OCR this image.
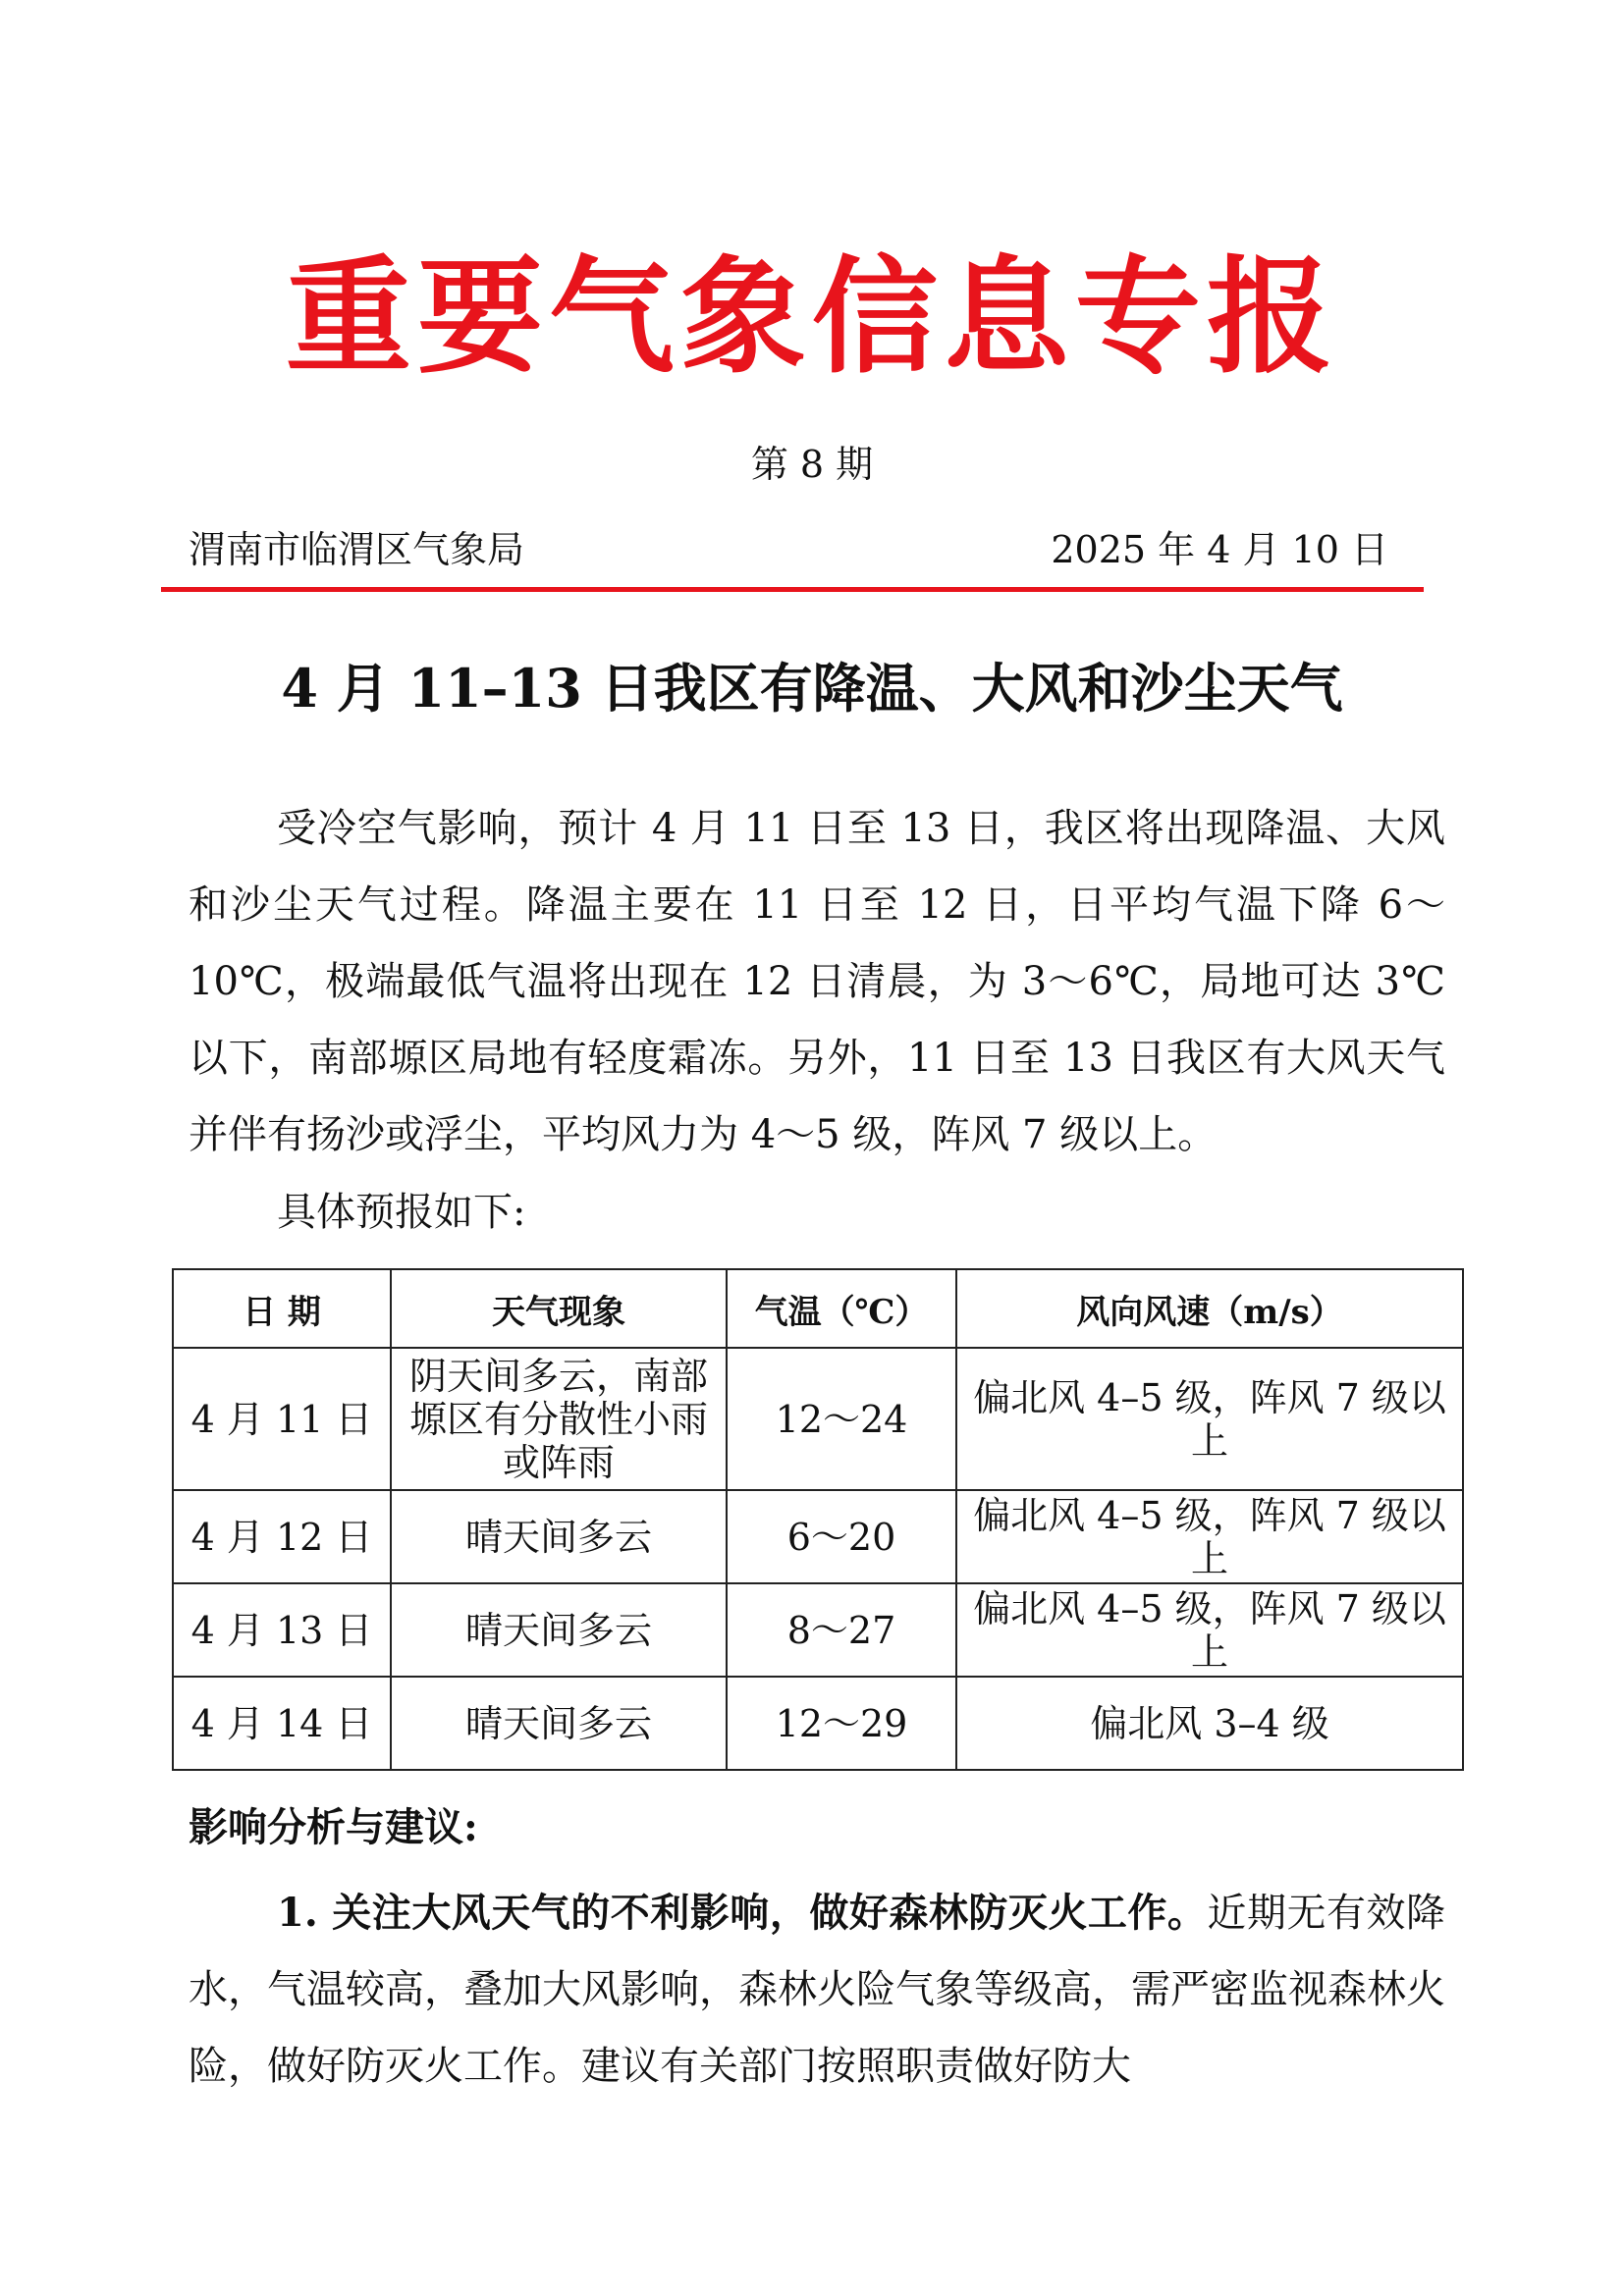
重要气象信息专报
第 8 期
渭南市临渭区气象局	2025 年 4 月 10 日
4 月 11–13 日我区有降温、大风和沙尘天气

受冷空气影响，预计 4 月 11 日至 13 日，我区将出现降温、大风和沙尘天气过程。降温主要在 11 日至 12 日，日平均气温下降 6～10℃，极端最低气温将出现在 12 日清晨，为 3～6℃，局地可达 3℃以下，南部塬区局地有轻度霜冻。另外，11 日至 13 日我区有大风天气并伴有扬沙或浮尘，平均风力为 4～5 级，阵风 7 级以上。

具体预报如下:

日 期	天气现象	气温（℃）	风向风速（m/s）
4 月 11 日	阴天间多云，南部塬区有分散性小雨或阵雨	12～24	偏北风 4–5 级，阵风 7 级以上
4 月 12 日	晴天间多云	6～20	偏北风 4–5 级，阵风 7 级以上
4 月 13 日	晴天间多云	8～27	偏北风 4–5 级，阵风 7 级以上
4 月 14 日	晴天间多云	12～29	偏北风 3–4 级
影响分析与建议:

1. 关注大风天气的不利影响，做好森林防灭火工作。近期无有效降水，气温较高，叠加大风影响，森林火险气象等级高，需严密监视森林火险，做好防灭火工作。建议有关部门按照职责做好防大
